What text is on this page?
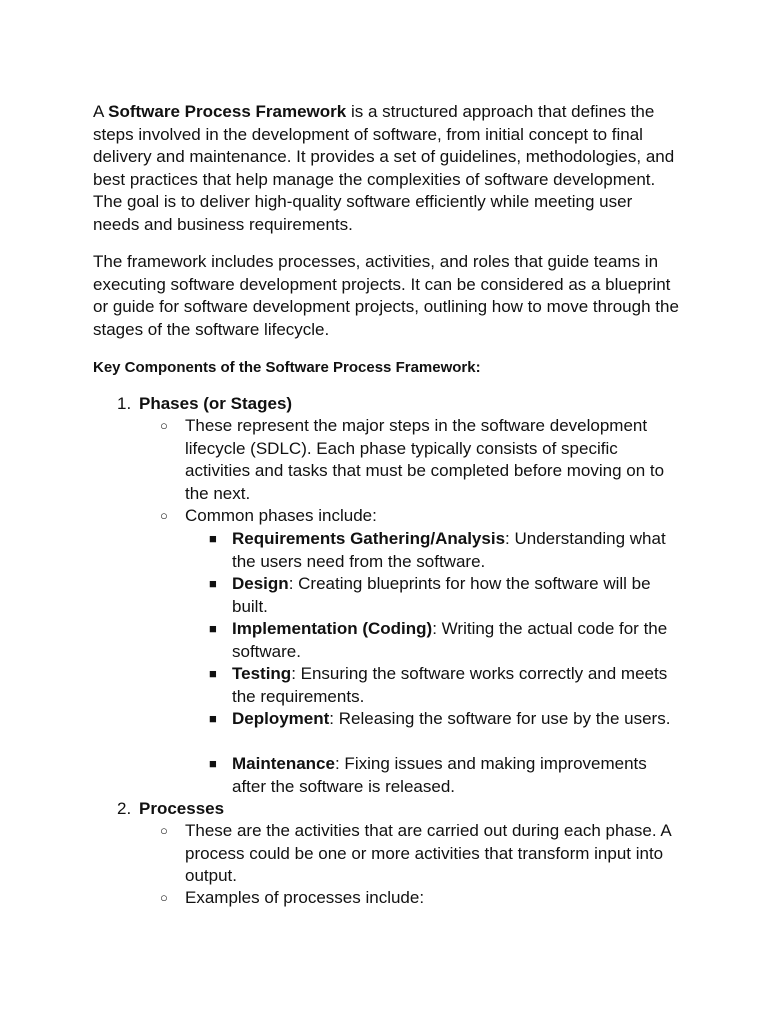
A Software Process Framework is a structured approach that defines the steps involved in the development of software, from initial concept to final delivery and maintenance. It provides a set of guidelines, methodologies, and best practices that help manage the complexities of software development. The goal is to deliver high-quality software efficiently while meeting user needs and business requirements.

The framework includes processes, activities, and roles that guide teams in executing software development projects. It can be considered as a blueprint or guide for software development projects, outlining how to move through the stages of the software lifecycle.

Key Components of the Software Process Framework:

1. Phases (or Stages)
○ These represent the major steps in the software development lifecycle (SDLC). Each phase typically consists of specific activities and tasks that must be completed before moving on to the next.
○ Common phases include:
■ Requirements Gathering/Analysis: Understanding what the users need from the software.
■ Design: Creating blueprints for how the software will be built.
■ Implementation (Coding): Writing the actual code for the software.
■ Testing: Ensuring the software works correctly and meets the requirements.
■ Deployment: Releasing the software for use by the users.
■ Maintenance: Fixing issues and making improvements after the software is released.
2. Processes
○ These are the activities that are carried out during each phase. A process could be one or more activities that transform input into output.
○ Examples of processes include:
